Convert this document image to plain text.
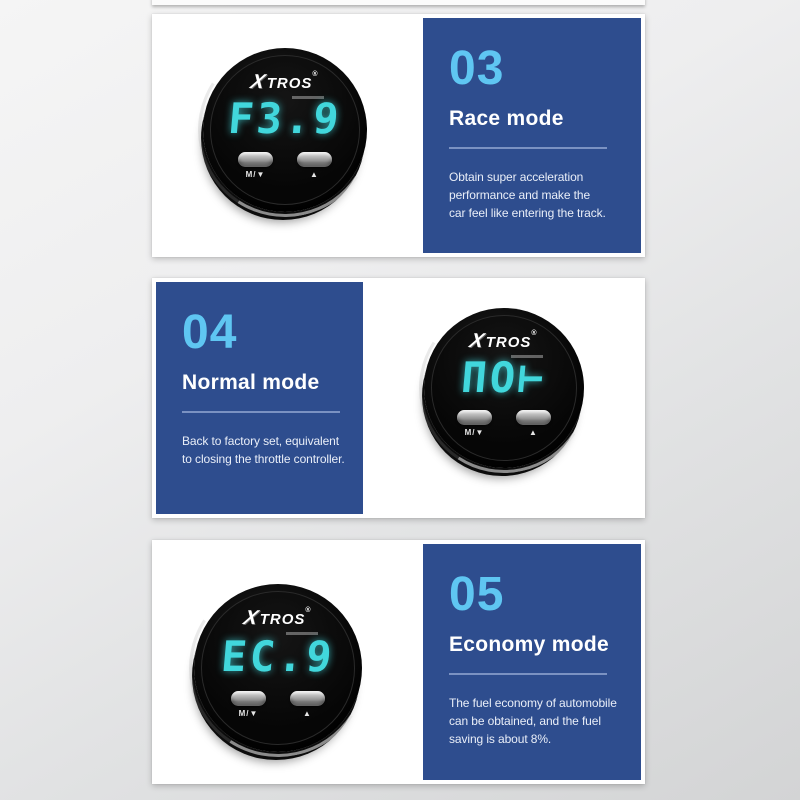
XTROS®
F3.9
M/▼	▲
03
Race mode
Obtain super acceleration
performance and make the
car feel like entering the track.
04
Normal mode
Back to factory set, equivalent
to closing the throttle controller.
XTROS®
ΠO⊢
M/▼	▲
XTROS®
EC.9
M/▼	▲
05
Economy mode
The fuel economy of automobile
can be obtained, and the fuel
saving is about 8%.
